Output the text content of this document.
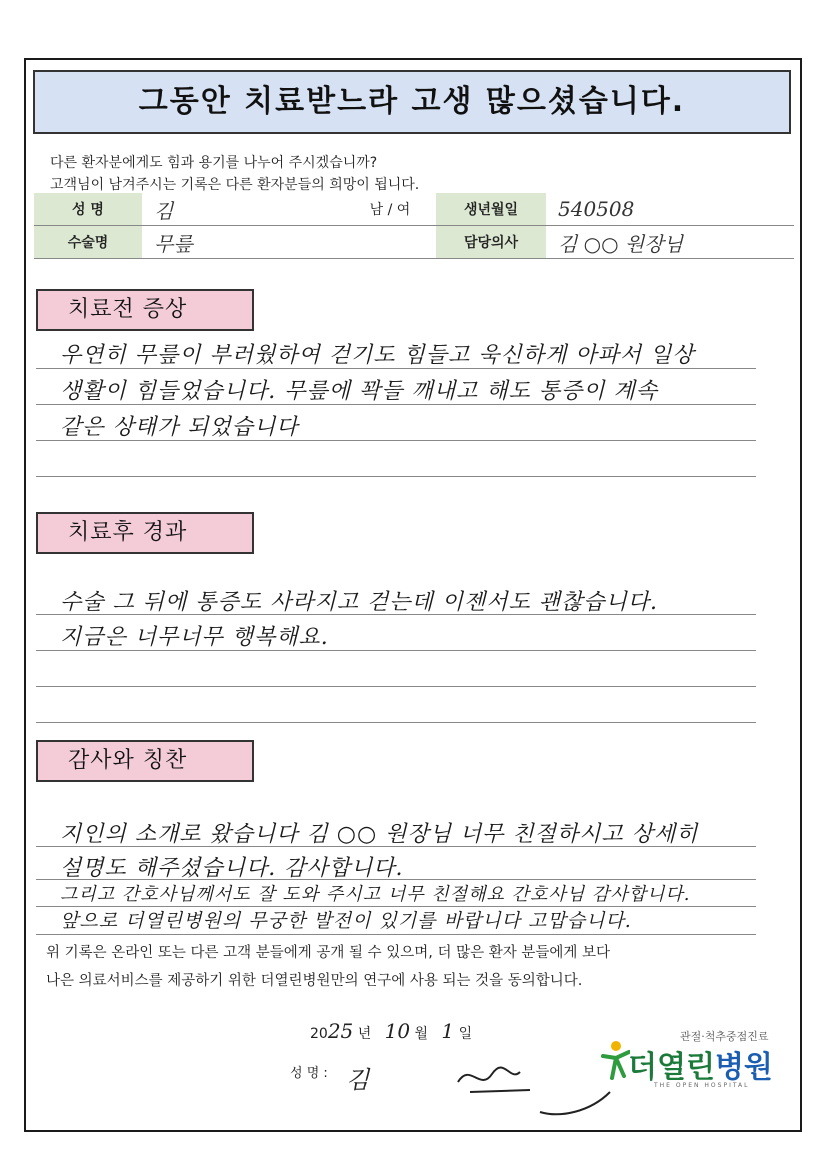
그동안 치료받느라 고생 많으셨습니다.
다른 환자분에게도 힘과 용기를 나누어 주시겠습니까?
고객님이 남겨주시는 기록은 다른 환자분들의 희망이 됩니다.
성 명	김	남 / 여	생년월일	540508
수술명	무릎		담당의사	김 ○○ 원장님
치료전 증상
우연히 무릎이 부러웠하여 걷기도 힘들고 욱신하게 아파서 일상
생활이 힘들었습니다. 무릎에 꽉들 깨내고 해도 통증이 계속
같은 상태가 되었습니다
치료후 경과
수술 그 뒤에 통증도 사라지고 걷는데 이젠서도 괜찮습니다.
지금은 너무너무 행복해요.
감사와 칭찬
지인의 소개로 왔습니다 김 ○○ 원장님 너무 친절하시고 상세히
설명도 해주셨습니다. 감사합니다.
그리고 간호사님께서도 잘 도와 주시고 너무 친절해요 간호사님 감사합니다.
앞으로 더열린병원의 무궁한 발전이 있기를 바랍니다 고맙습니다.
위 기록은 온라인 또는 다른 고객 분들에게 공개 될 수 있으며, 더 많은 환자 분들에게 보다
나은 의료서비스를 제공하기 위한 더열린병원만의 연구에 사용 되는 것을 동의합니다.
2025 년 10 월 1 일
성 명 : 김
관절·척추중점진료
더열린병원
THE OPEN HOSPITAL
